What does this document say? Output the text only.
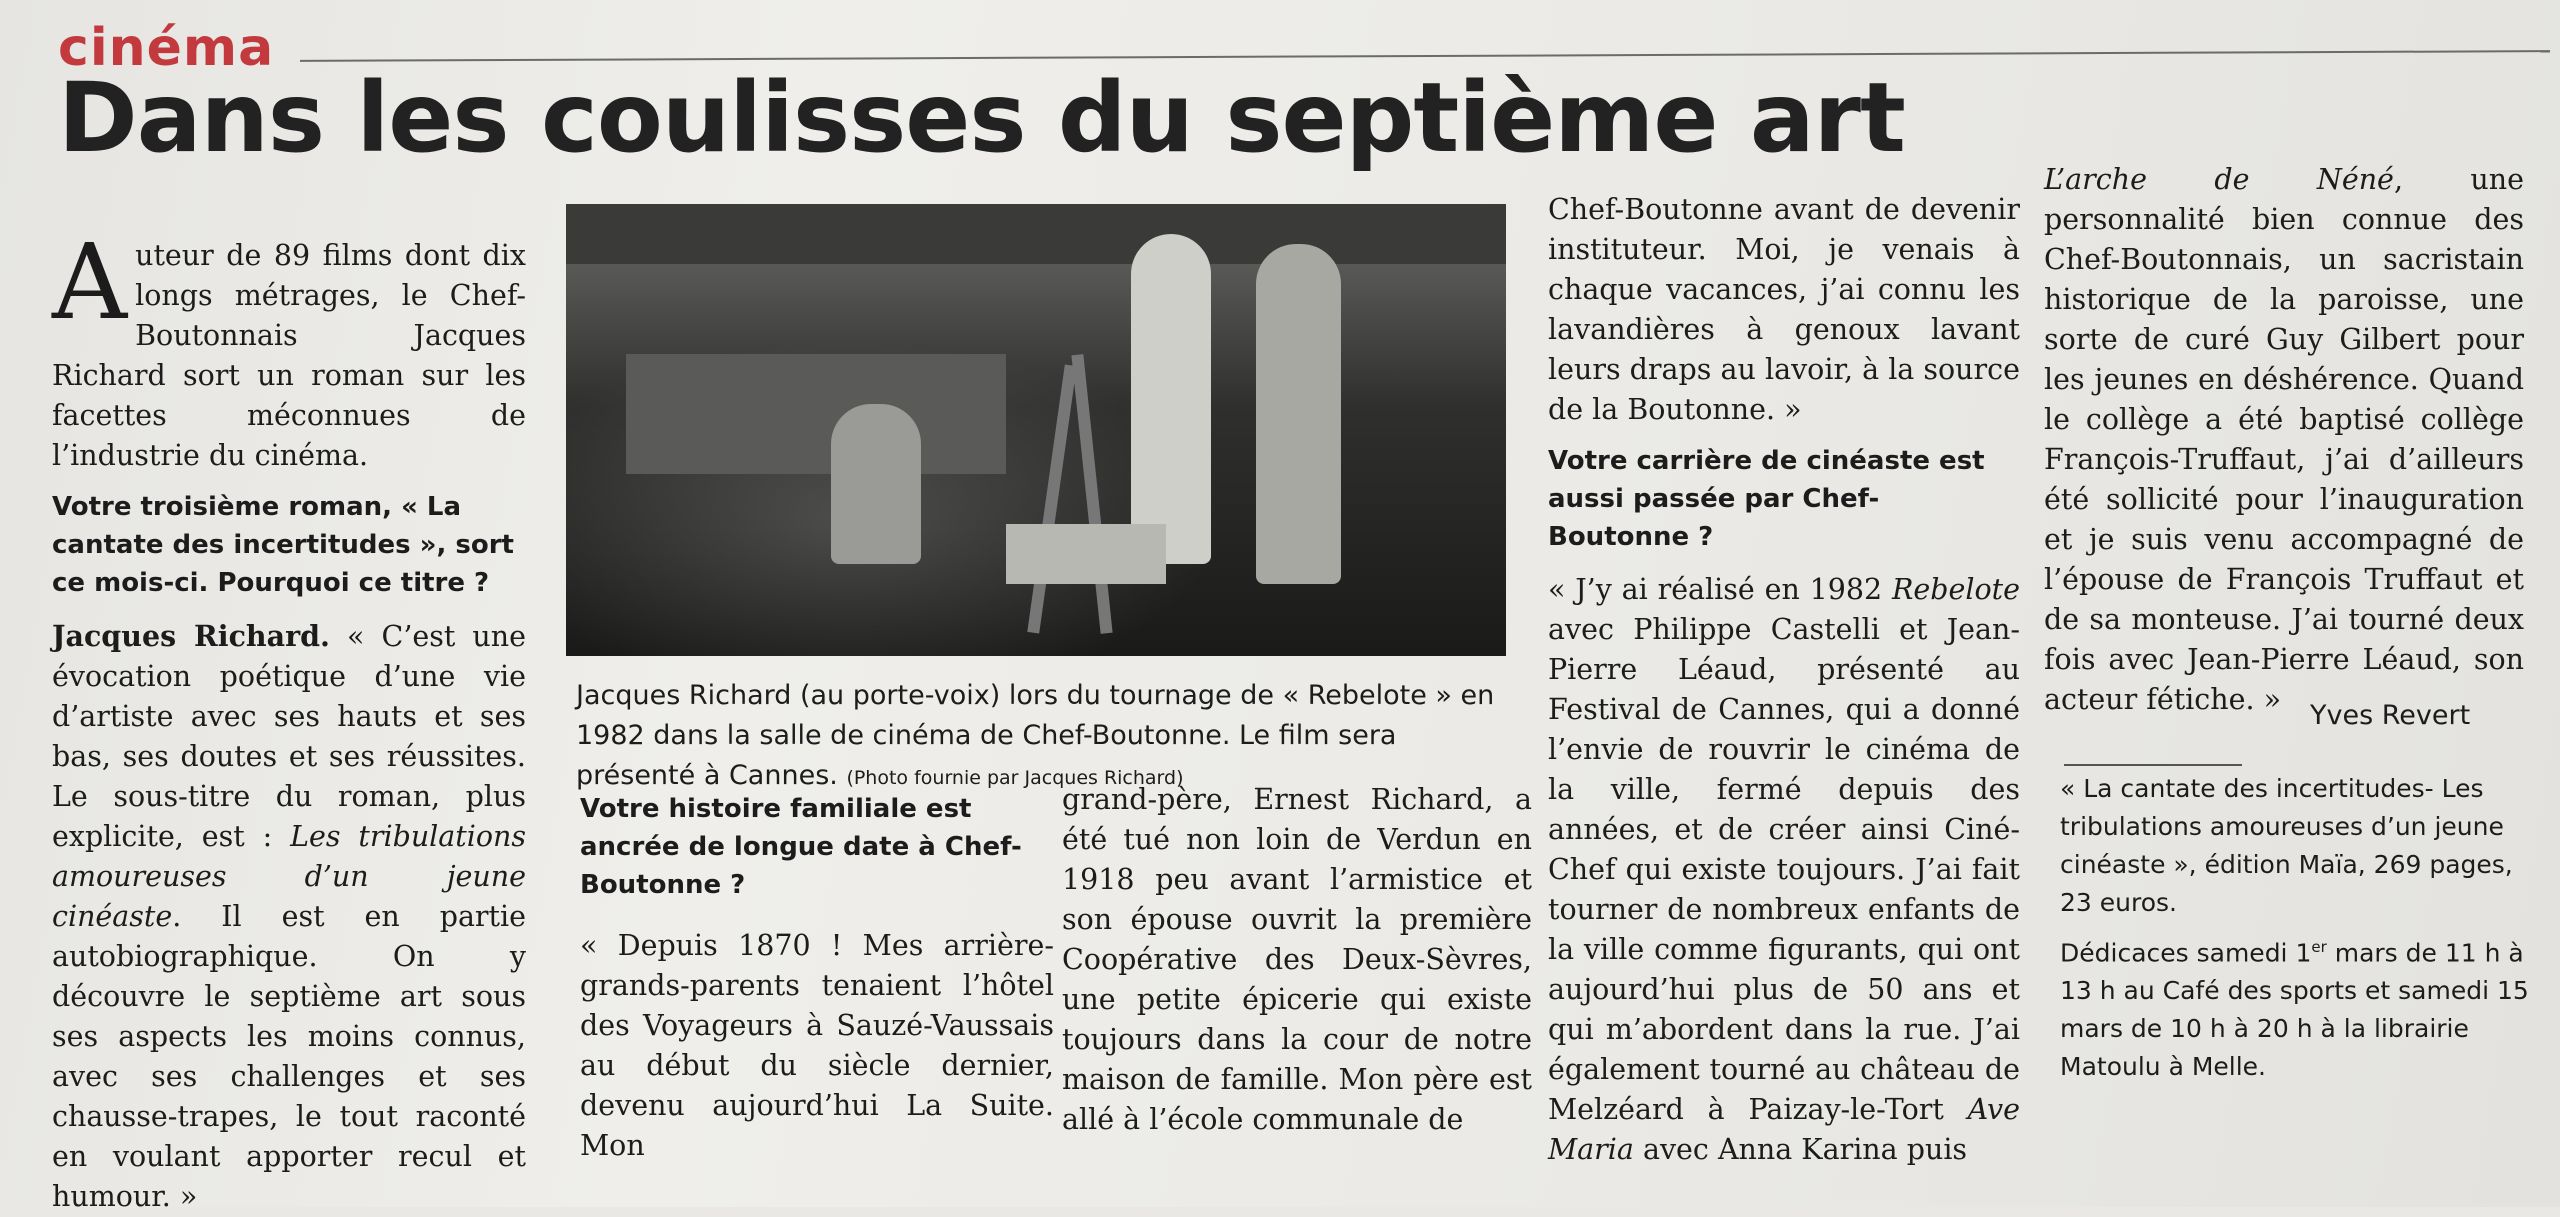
cinéma
Dans les coulisses du septième art

Auteur de 89 films dont dix longs métrages, le Chef-Boutonnais Jacques Richard sort un roman sur les facettes méconnues de l’industrie du cinéma.

Votre troisième roman, « La cantate des incertitudes », sort ce mois-ci. Pourquoi ce titre ?

Jacques Richard. « C’est une évocation poétique d’une vie d’artiste avec ses hauts et ses bas, ses doutes et ses réussites. Le sous-titre du roman, plus explicite, est : Les tribulations amoureuses d’un jeune cinéaste. Il est en partie autobiographique. On y découvre le septième art sous ses aspects les moins connus, avec ses challenges et ses chausse-trapes, le tout raconté en voulant apporter recul et humour. »

Jacques Richard (au porte-voix) lors du tournage de « Rebelote » en 1982 dans la salle de cinéma de Chef-Boutonne. Le film sera présenté à Cannes. (Photo fournie par Jacques Richard)

Votre histoire familiale est ancrée de longue date à Chef-Boutonne ?

« Depuis 1870 ! Mes arrière-grands-parents tenaient l’hôtel des Voyageurs à Sauzé-Vaussais au début du siècle dernier, devenu aujourd’hui La Suite. Mon

grand-père, Ernest Richard, a été tué non loin de Verdun en 1918 peu avant l’armistice et son épouse ouvrit la première Coopérative des Deux-Sèvres, une petite épicerie qui existe toujours dans la cour de notre maison de famille. Mon père est allé à l’école communale de

Chef-Boutonne avant de devenir instituteur. Moi, je venais à chaque vacances, j’ai connu les lavandières à genoux lavant leurs draps au lavoir, à la source de la Boutonne. »

Votre carrière de cinéaste est aussi passée par Chef-Boutonne ?

« J’y ai réalisé en 1982 Rebelote avec Philippe Castelli et Jean-Pierre Léaud, présenté au Festival de Cannes, qui a donné l’envie de rouvrir le cinéma de la ville, fermé depuis des années, et de créer ainsi Ciné-Chef qui existe toujours. J’ai fait tourner de nombreux enfants de la ville comme figurants, qui ont aujourd’hui plus de 50 ans et qui m’abordent dans la rue. J’ai également tourné au château de Melzéard à Paizay-le-Tort Ave Maria avec Anna Karina puis

L’arche de Néné, une personnalité bien connue des Chef-Boutonnais, un sacristain historique de la paroisse, une sorte de curé Guy Gilbert pour les jeunes en déshérence. Quand le collège a été baptisé collège François-Truffaut, j’ai d’ailleurs été sollicité pour l’inauguration et je suis venu accompagné de l’épouse de François Truffaut et de sa monteuse. J’ai tourné deux fois avec Jean-Pierre Léaud, son acteur fétiche. »	Yves Revert

« La cantate des incertitudes- Les tribulations amoureuses d’un jeune cinéaste », édition Maïa, 269 pages, 23 euros.

Dédicaces samedi 1er mars de 11 h à 13 h au Café des sports et samedi 15 mars de 10 h à 20 h à la librairie Matoulu à Melle.
